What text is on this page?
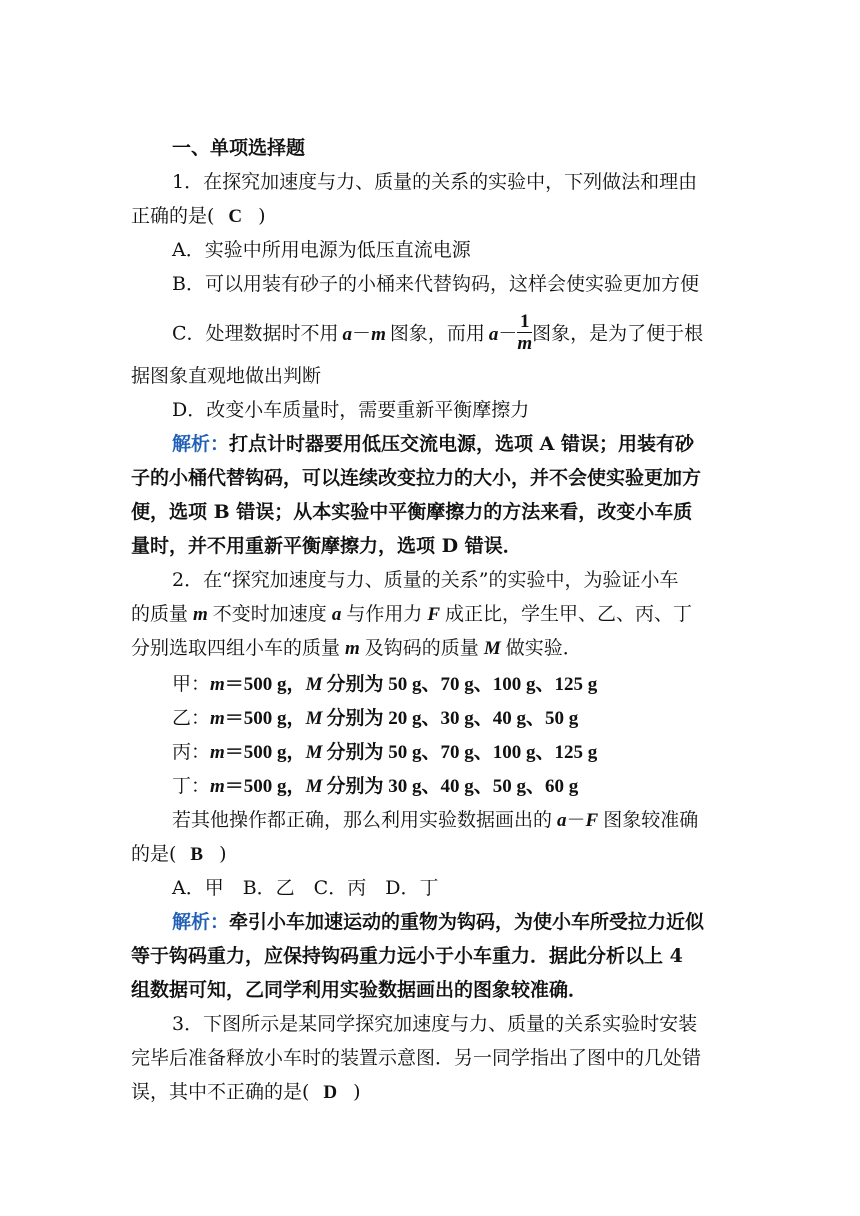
一、单项选择题
1．在探究加速度与力、质量的关系的实验中，下列做法和理由
正确的是( C )
A．实验中所用电源为低压直流电源
B．可以用装有砂子的小桶来代替钩码，这样会使实验更加方便
C．处理数据时不用 a－m 图象，而用 $a- \frac{1}{m}$ 图象，是为了便于根
据图象直观地做出判断
D．改变小车质量时，需要重新平衡摩擦力
解析：打点计时器要用低压交流电源，选项 A 错误；用装有砂
子的小桶代替钩码，可以连续改变拉力的大小，并不会使实验更加方
便，选项 B 错误；从本实验中平衡摩擦力的方法来看，改变小车质
量时，并不用重新平衡摩擦力，选项 D 错误．
2．在“探究加速度与力、质量的关系”的实验中，为验证小车
的质量 m 不变时加速度 a 与作用力 F 成正比，学生甲、乙、丙、丁
分别选取四组小车的质量 m 及钩码的质量 M 做实验．
甲：m＝500 g，M 分别为 50 g、70 g、100 g、125 g
乙：m＝500 g，M 分别为 20 g、30 g、40 g、50 g
丙：m＝500 g，M 分别为 50 g、70 g、100 g、125 g
丁：m＝500 g，M 分别为 30 g、40 g、50 g、60 g
若其他操作都正确，那么利用实验数据画出的 a－F 图象较准确
的是( B )
A．甲　B．乙　C．丙　D．丁
解析：牵引小车加速运动的重物为钩码，为使小车所受拉力近似
等于钩码重力，应保持钩码重力远小于小车重力．据此分析以上 4
组数据可知，乙同学利用实验数据画出的图象较准确．
3．下图所示是某同学探究加速度与力、质量的关系实验时安装
完毕后准备释放小车时的装置示意图．另一同学指出了图中的几处错
误，其中不正确的是( D )
